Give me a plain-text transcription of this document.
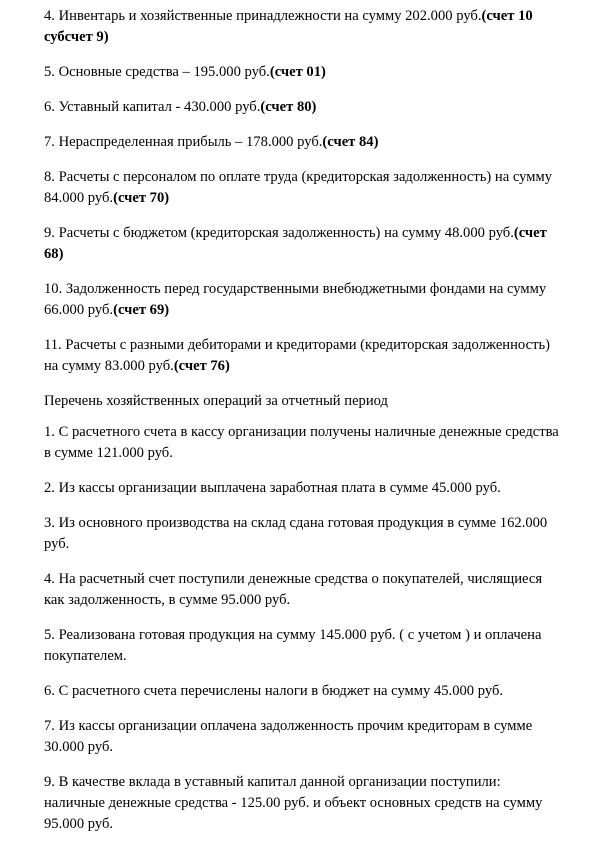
4. Инвентарь и хозяйственные принадлежности на сумму 202.000 руб.(счет 10 субсчет 9)

5. Основные средства – 195.000 руб.(счет 01)

6. Уставный капитал - 430.000 руб.(счет 80)

7. Нераспределенная прибыль – 178.000 руб.(счет 84)

8. Расчеты с персоналом по оплате труда (кредиторская задолженность) на сумму 84.000 руб.(счет 70)

9. Расчеты с бюджетом (кредиторская задолженность) на сумму 48.000 руб.(счет 68)

10. Задолженность перед государственными внебюджетными фондами на сумму 66.000 руб.(счет 69)

11. Расчеты с разными дебиторами и кредиторами (кредиторская задолженность) на сумму 83.000 руб.(счет 76)

Перечень хозяйственных операций за отчетный период

1. С расчетного счета в кассу организации получены наличные денежные средства в сумме 121.000 руб.

2. Из кассы организации выплачена заработная плата в сумме 45.000 руб.

3. Из основного производства на склад сдана готовая продукция в сумме 162.000 руб.

4. На расчетный счет поступили денежные средства о покупателей, числящиеся как задолженность, в сумме 95.000 руб.

5. Реализована готовая продукция на сумму 145.000 руб. ( с учетом ) и оплачена покупателем.

6. С расчетного счета перечислены налоги в бюджет на сумму 45.000 руб.

7. Из кассы организации оплачена задолженность прочим кредиторам в сумме 30.000 руб.

9. В качестве вклада в уставный капитал данной организации поступили: наличные денежные средства - 125.00 руб. и объект основных средств на сумму 95.000 руб.
